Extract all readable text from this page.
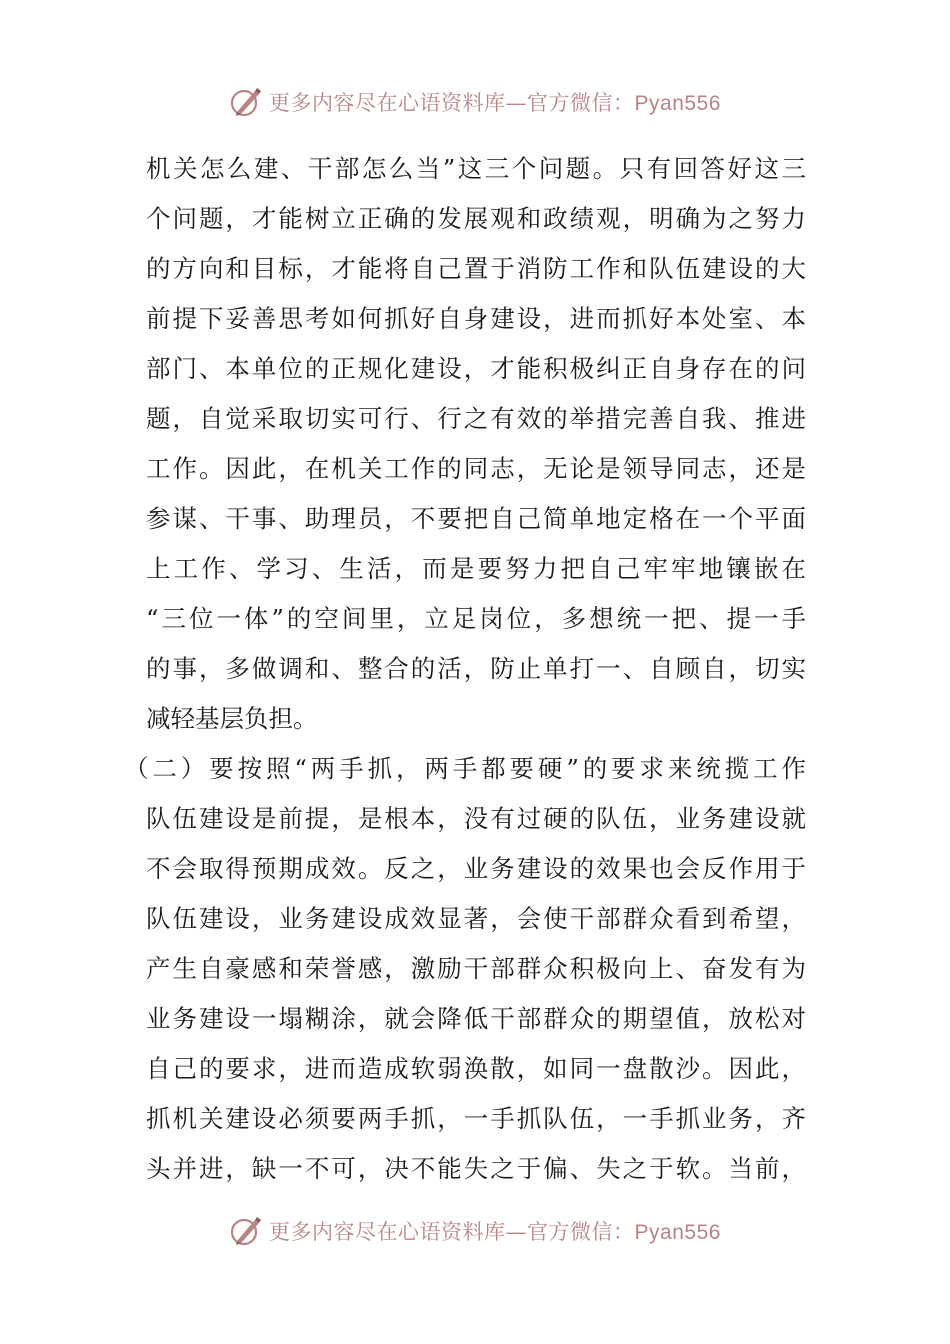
更多内容尽在心语资料库—官方微信：Pyan556
机关怎么建、干部怎么当”这三个问题。只有回答好这三
个问题，才能树立正确的发展观和政绩观，明确为之努力
的方向和目标，才能将自己置于消防工作和队伍建设的大
前提下妥善思考如何抓好自身建设，进而抓好本处室、本
部门、本单位的正规化建设，才能积极纠正自身存在的问
题，自觉采取切实可行、行之有效的举措完善自我、推进
工作。因此，在机关工作的同志，无论是领导同志，还是
参谋、干事、助理员，不要把自己简单地定格在一个平面
上工作、学习、生活，而是要努力把自己牢牢地镶嵌在
“三位一体”的空间里，立足岗位，多想统一把、提一手
的事，多做调和、整合的活，防止单打一、自顾自，切实
减轻基层负担。
（二）要按照“两手抓，两手都要硬”的要求来统揽工作
队伍建设是前提，是根本，没有过硬的队伍，业务建设就
不会取得预期成效。反之，业务建设的效果也会反作用于
队伍建设，业务建设成效显著，会使干部群众看到希望，
产生自豪感和荣誉感，激励干部群众积极向上、奋发有为
业务建设一塌糊涂，就会降低干部群众的期望值，放松对
自己的要求，进而造成软弱涣散，如同一盘散沙。因此，
抓机关建设必须要两手抓，一手抓队伍，一手抓业务，齐
头并进，缺一不可，决不能失之于偏、失之于软。当前，
更多内容尽在心语资料库—官方微信：Pyan556
